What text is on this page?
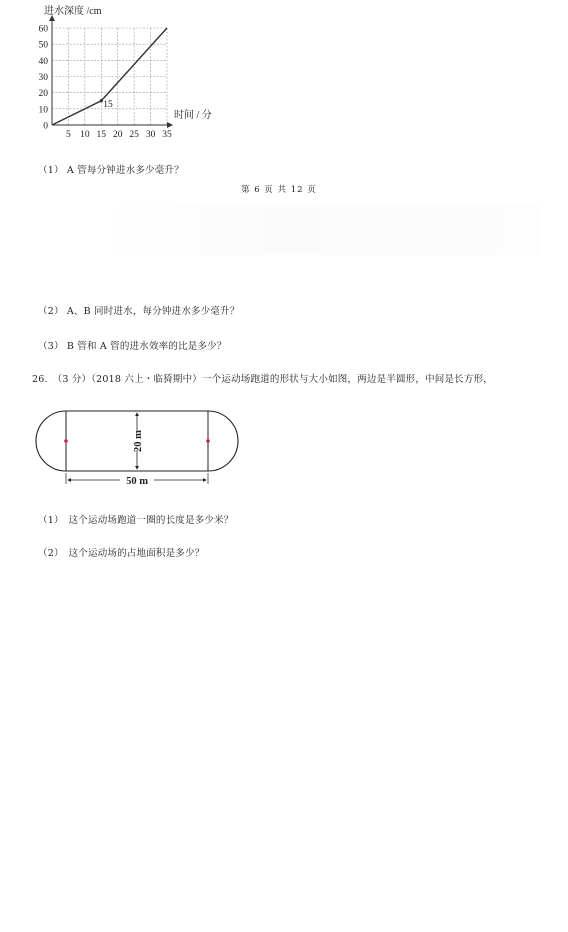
进水深度 /cm
时间 / 分
0
10
20
30
40
50
60
5 10 15 20 25 30 35
15
（1） A 管每分钟进水多少毫升？
第 6 页 共 12 页
（2） A、B 同时进水，每分钟进水多少毫升？
（3） B 管和 A 管的进水效率的比是多少？
26.　（3 分）（2018 六上・临猗期中）一个运动场跑道的形状与大小如图，两边是半圆形，中间是长方形，
20 m
50 m
（1）　这个运动场跑道一圈的长度是多少米？
（2）　这个运动场的占地面积是多少？
